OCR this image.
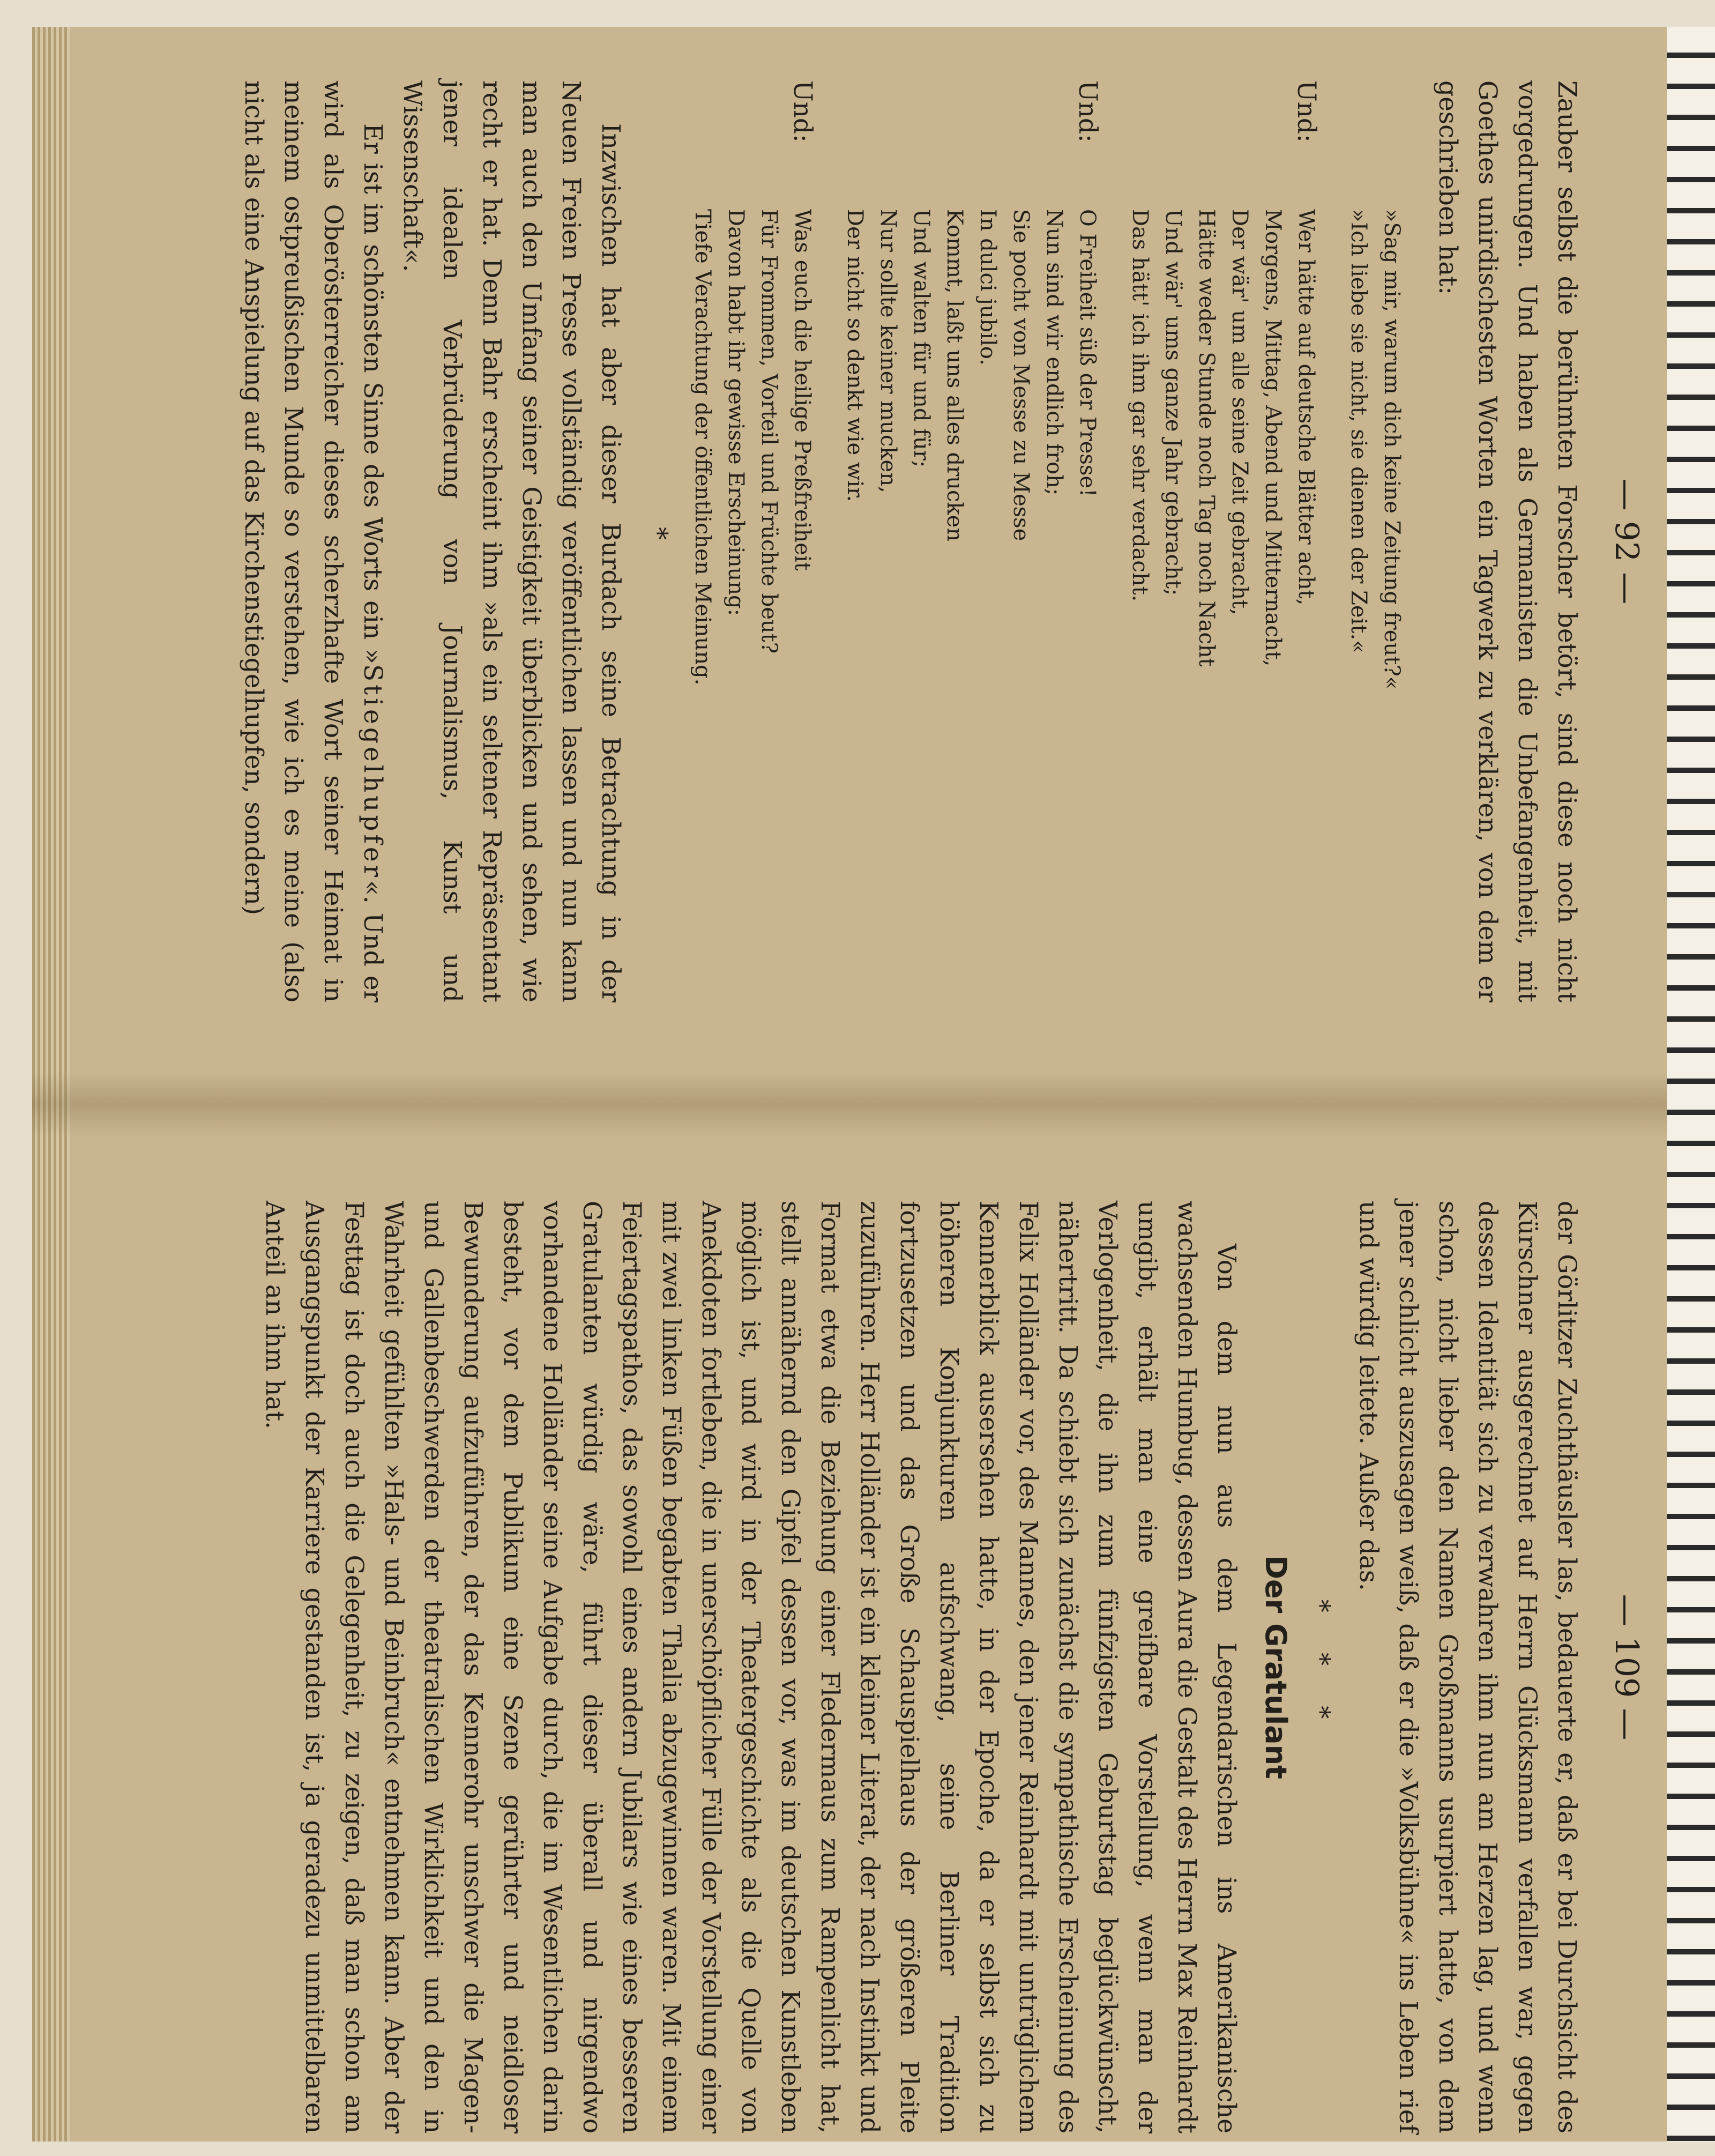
— 92 —

Zauber selbst die berühmten Forscher betört, sind diese noch nicht vorgedrungen. Und haben als Germanisten die Unbefangenheit, mit Goethes unirdischesten Worten ein Tagwerk zu verklären, von dem er geschrieben hat:

»Sag mir, warum dich keine Zeitung freut?«
»Ich liebe sie nicht, sie dienen der Zeit.«
Und:
Wer hätte auf deutsche Blätter acht,
Morgens, Mittag, Abend und Mitternacht,
Der wär' um alle seine Zeit gebracht,
Hätte weder Stunde noch Tag noch Nacht
Und wär' ums ganze Jahr gebracht;
Das hätt' ich ihm gar sehr verdacht.
Und:
O Freiheit süß der Presse!
Nun sind wir endlich froh;
Sie pocht von Messe zu Messe
In dulci jubilo.
Kommt, laßt uns alles drucken
Und walten für und für;
Nur sollte keiner mucken,
Der nicht so denkt wie wir.
Und:
Was euch die heilige Preßfreiheit
Für Frommen, Vorteil und Früchte beut?
Davon habt ihr gewisse Erscheinung:
Tiefe Verachtung der öffentlichen Meinung.
*

Inzwischen hat aber dieser Burdach seine Betrachtung in der Neuen Freien Presse vollständig veröffentlichen lassen und nun kann man auch den Umfang seiner Geistigkeit überblicken und sehen, wie recht er hat. Denn Bahr erscheint ihm »als ein seltener Repräsentant jener idealen Verbrüderung von Journalismus, Kunst und Wissenschaft«.

Er ist im schönsten Sinne des Worts ein »Stiegelhupfer«. Und er wird als Oberösterreicher dieses scherzhafte Wort seiner Heimat in meinem ostpreußischen Munde so verstehen, wie ich es meine (also nicht als eine Anspielung auf das Kirchenstiegelhupfen, sondern)

— 109 —

der Görlitzer Zuchthäusler las, bedauerte er, daß er bei Durchsicht des Kürschner ausgerechnet auf Herrn Glücksmann verfallen war, gegen dessen Identität sich zu verwahren ihm nun am Herzen lag, und wenn schon, nicht lieber den Namen Großmanns usurpiert hatte, von dem jener schlicht auszusagen weiß, daß er die »Volksbühne« ins Leben rief und würdig leitete. Außer das.

* * *
Der Gratulant

Von dem nun aus dem Legendarischen ins Amerikanische wachsenden Humbug, dessen Aura die Gestalt des Herrn Max Reinhardt umgibt, erhält man eine greifbare Vorstellung, wenn man der Verlogenheit, die ihn zum fünfzigsten Geburtstag beglückwünscht, nähertritt. Da schiebt sich zunächst die sympathische Erscheinung des Felix Holländer vor, des Mannes, den jener Reinhardt mit untrüglichem Kennerblick ausersehen hatte, in der Epoche, da er selbst sich zu höheren Konjunkturen aufschwang, seine Berliner Tradition fortzusetzen und das Große Schauspielhaus der größeren Pleite zuzuführen. Herr Holländer ist ein kleiner Literat, der nach Instinkt und Format etwa die Beziehung einer Fledermaus zum Rampenlicht hat, stellt annähernd den Gipfel dessen vor, was im deutschen Kunstleben möglich ist, und wird in der Theatergeschichte als die Quelle von Anekdoten fortleben, die in unerschöpflicher Fülle der Vorstellung einer mit zwei linken Füßen begabten Thalia abzugewinnen waren. Mit einem Feiertagspathos, das sowohl eines andern Jubilars wie eines besseren Gratulanten würdig wäre, führt dieser überall und nirgendwo vorhandene Holländer seine Aufgabe durch, die im Wesentlichen darin besteht, vor dem Publikum eine Szene gerührter und neidloser Bewunderung aufzuführen, der das Kennerohr unschwer die Magen- und Gallenbeschwerden der theatralischen Wirklichkeit und den in Wahrheit gefühlten »Hals- und Beinbruch« entnehmen kann. Aber der Festtag ist doch auch die Gelegenheit, zu zeigen, daß man schon am Ausgangspunkt der Karriere gestanden ist, ja geradezu unmittelbaren Anteil an ihm hat.
